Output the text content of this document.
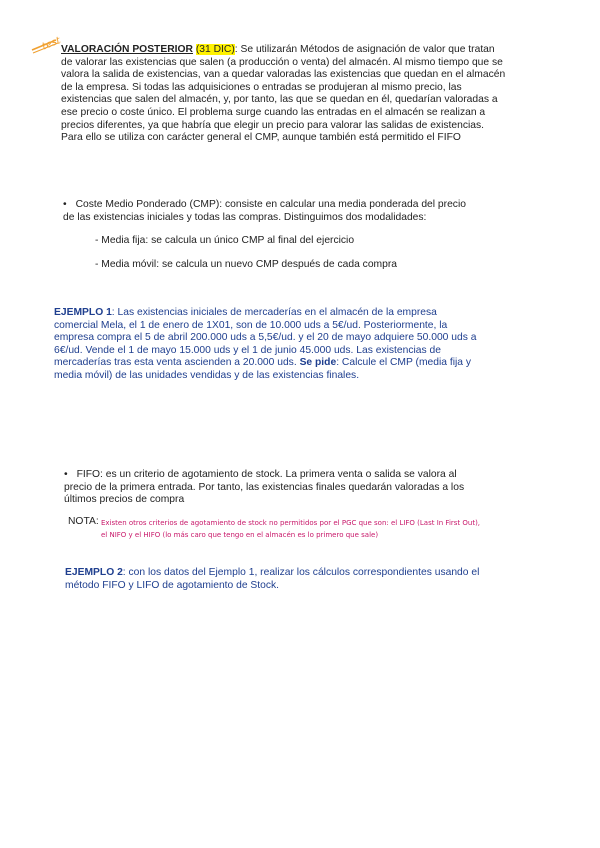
test
VALORACIÓN POSTERIOR (31 DIC): Se utilizarán Métodos de asignación de valor que tratan de valorar las existencias que salen (a producción o venta) del almacén. Al mismo tiempo que se valora la salida de existencias, van a quedar valoradas las existencias que quedan en el almacén de la empresa. Si todas las adquisiciones o entradas se produjeran al mismo precio, las existencias que salen del almacén, y, por tanto, las que se quedan en él, quedarían valoradas a ese precio o coste único. El problema surge cuando las entradas en el almacén se realizan a precios diferentes, ya que habría que elegir un precio para valorar las salidas de existencias. Para ello se utiliza con carácter general el CMP, aunque también está permitido el FIFO
• Coste Medio Ponderado (CMP): consiste en calcular una media ponderada del precio de las existencias iniciales y todas las compras. Distinguimos dos modalidades:
- Media fija: se calcula un único CMP al final del ejercicio
- Media móvil: se calcula un nuevo CMP después de cada compra
EJEMPLO 1: Las existencias iniciales de mercaderías en el almacén de la empresa comercial Mela, el 1 de enero de 1X01, son de 10.000 uds a 5€/ud. Posteriormente, la empresa compra el 5 de abril 200.000 uds a 5,5€/ud. y el 20 de mayo adquiere 50.000 uds a 6€/ud. Vende el 1 de mayo 15.000 uds y el 1 de junio 45.000 uds. Las existencias de mercaderías tras esta venta ascienden a 20.000 uds. Se pide: Calcule el CMP (media fija y media móvil) de las unidades vendidas y de las existencias finales.
• FIFO: es un criterio de agotamiento de stock. La primera venta o salida se valora al precio de la primera entrada. Por tanto, las existencias finales quedarán valoradas a los últimos precios de compra
NOTA: Existen otros criterios de agotamiento de stock no permitidos por el PGC que son: el LIFO (Last In First Out),
el NIFO y el HIFO (lo más caro que tengo en el almacén es lo primero que sale)
EJEMPLO 2: con los datos del Ejemplo 1, realizar los cálculos correspondientes usando el método FIFO y LIFO de agotamiento de Stock.
